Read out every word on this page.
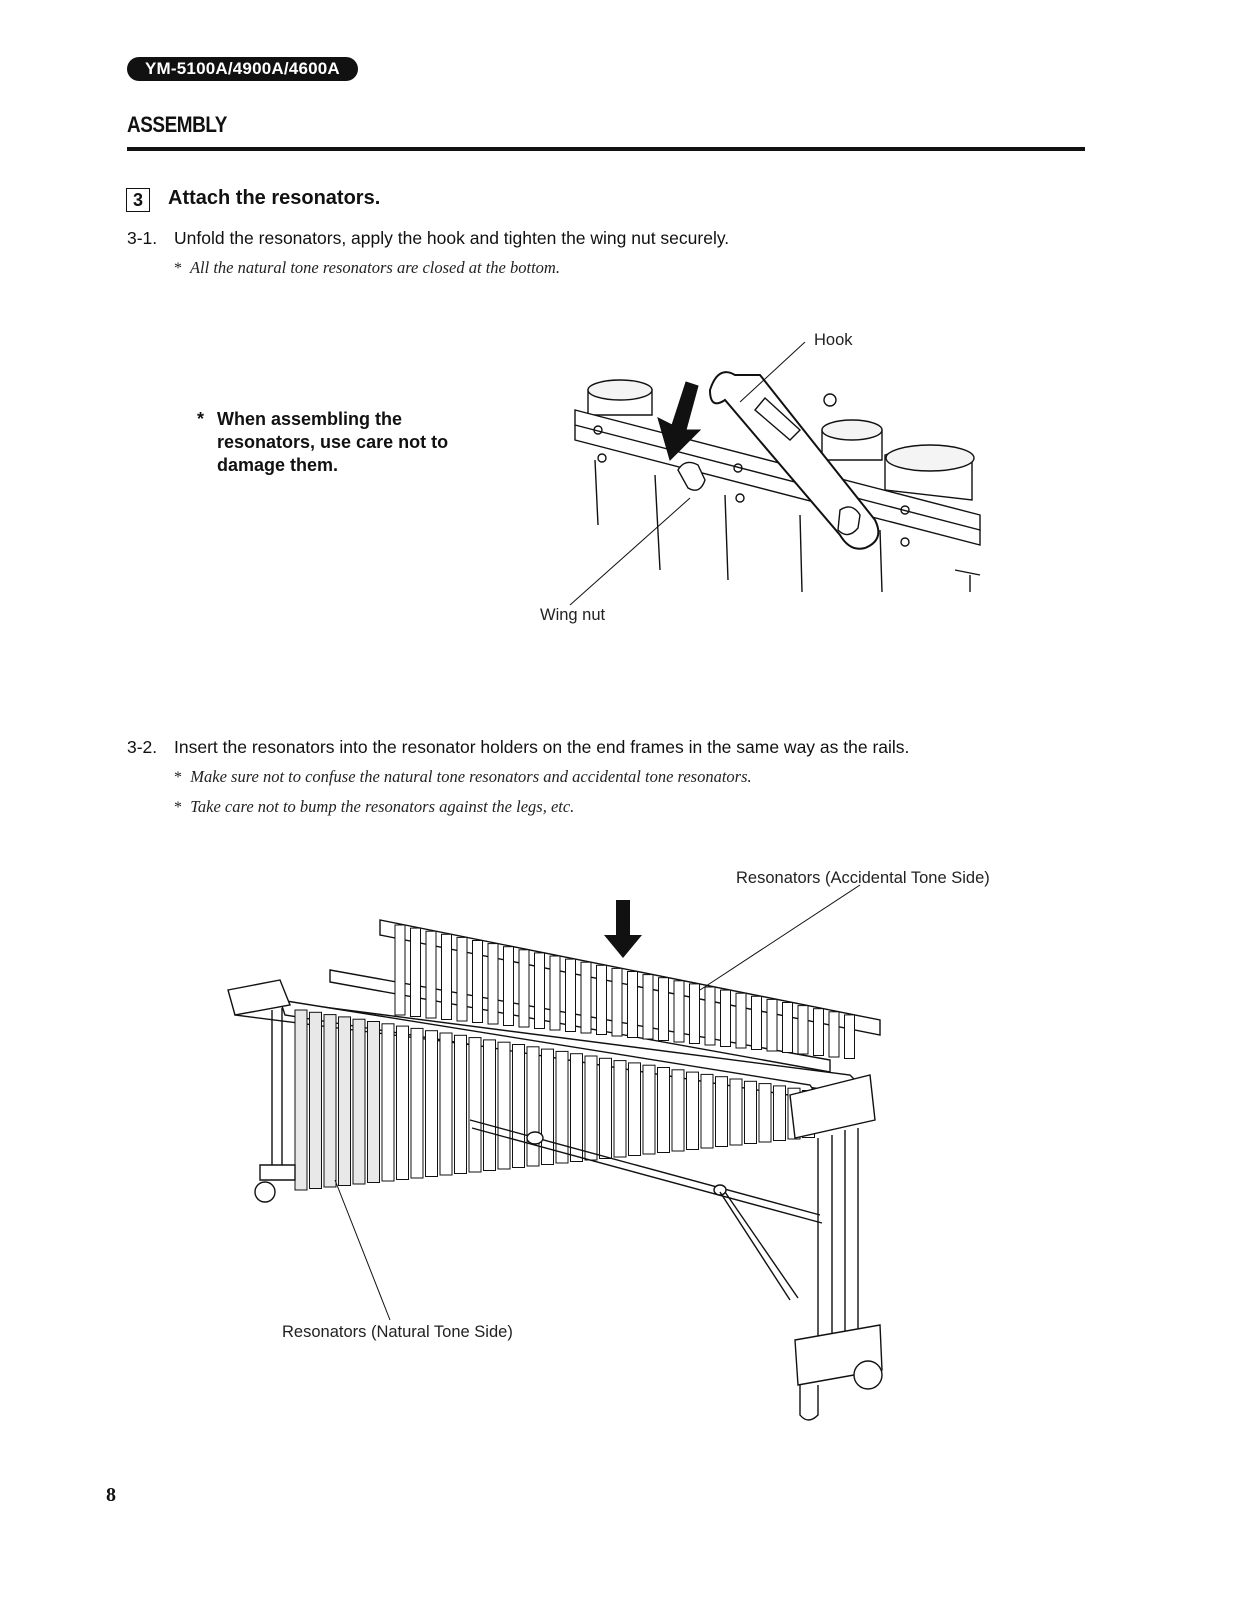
YM-5100A/4900A/4600A
ASSEMBLY
3	Attach the resonators.
3-1. Unfold the resonators, apply the hook and tighten the wing nut securely.
* All the natural tone resonators are closed at the bottom.
* When assembling the resonators, use care not to damage them.
Hook
Wing nut
3-2. Insert the resonators into the resonator holders on the end frames in the same way as the rails.
* Make sure not to confuse the natural tone resonators and accidental tone resonators.
* Take care not to bump the resonators against the legs, etc.
Resonators (Accidental Tone Side)
Resonators (Natural Tone Side)
8
